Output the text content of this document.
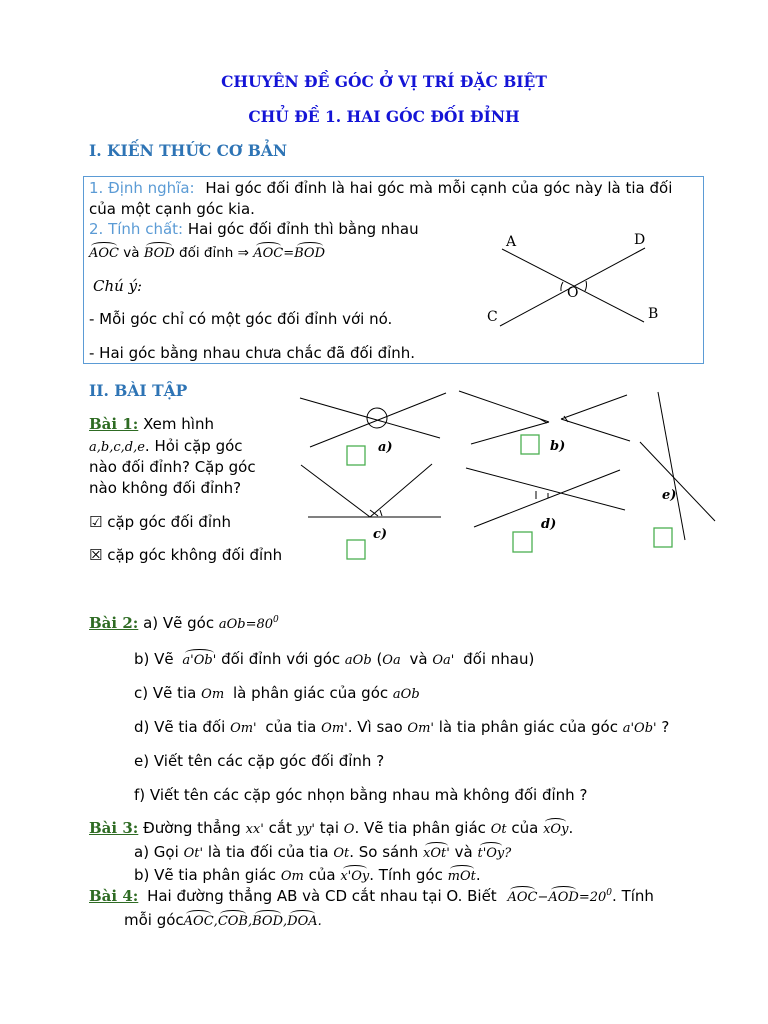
CHUYÊN ĐỀ GÓC Ở VỊ TRÍ ĐẶC BIỆT
CHỦ ĐỀ 1. HAI GÓC ĐỐI ĐỈNH
I. KIẾN THỨC CƠ BẢN
1. Định nghĩa: Hai góc đối đỉnh là hai góc mà mỗi cạnh của góc này là tia đối
của một cạnh góc kia.
2. Tính chất: Hai góc đối đỉnh thì bằng nhau
AOC và BOD đối đỉnh ⇒ AOC=BOD
Chú ý:
- Mỗi góc chỉ có một góc đối đỉnh với nó.
- Hai góc bằng nhau chưa chắc đã đối đỉnh.
A	D
O
C	B
II. BÀI TẬP
Bài 1: Xem hình
a,b,c,d,e. Hỏi cặp góc
nào đối đỉnh? Cặp góc
nào không đối đỉnh?
☑ cặp góc đối đỉnh
☒ cặp góc không đối đỉnh
a)	b)
c)
d)
e)
Bài 2: a) Vẽ góc $aOb=80^0$
b) Vẽ a'Ob' đối đỉnh với góc aOb (Oa và Oa' đối nhau)
c) Vẽ tia Om là phân giác của góc aOb
d) Vẽ tia đối Om' của tia Om'. Vì sao Om' là tia phân giác của góc a'Ob' ?
e) Viết tên các cặp góc đối đỉnh ?
f) Viết tên các cặp góc nhọn bằng nhau mà không đối đỉnh ?
Bài 3: Đường thẳng xx' cắt yy' tại O. Vẽ tia phân giác Ot của xOy.
a) Gọi Ot' là tia đối của tia Ot. So sánh xOt' và t'Oy?
b) Vẽ tia phân giác Om của x'Oy. Tính góc mOt.
Bài 4: Hai đường thẳng AB và CD cắt nhau tại O. Biết $AOC-AOD=20^0$. Tính
mỗi gócAOC,COB,BOD,DOA.
